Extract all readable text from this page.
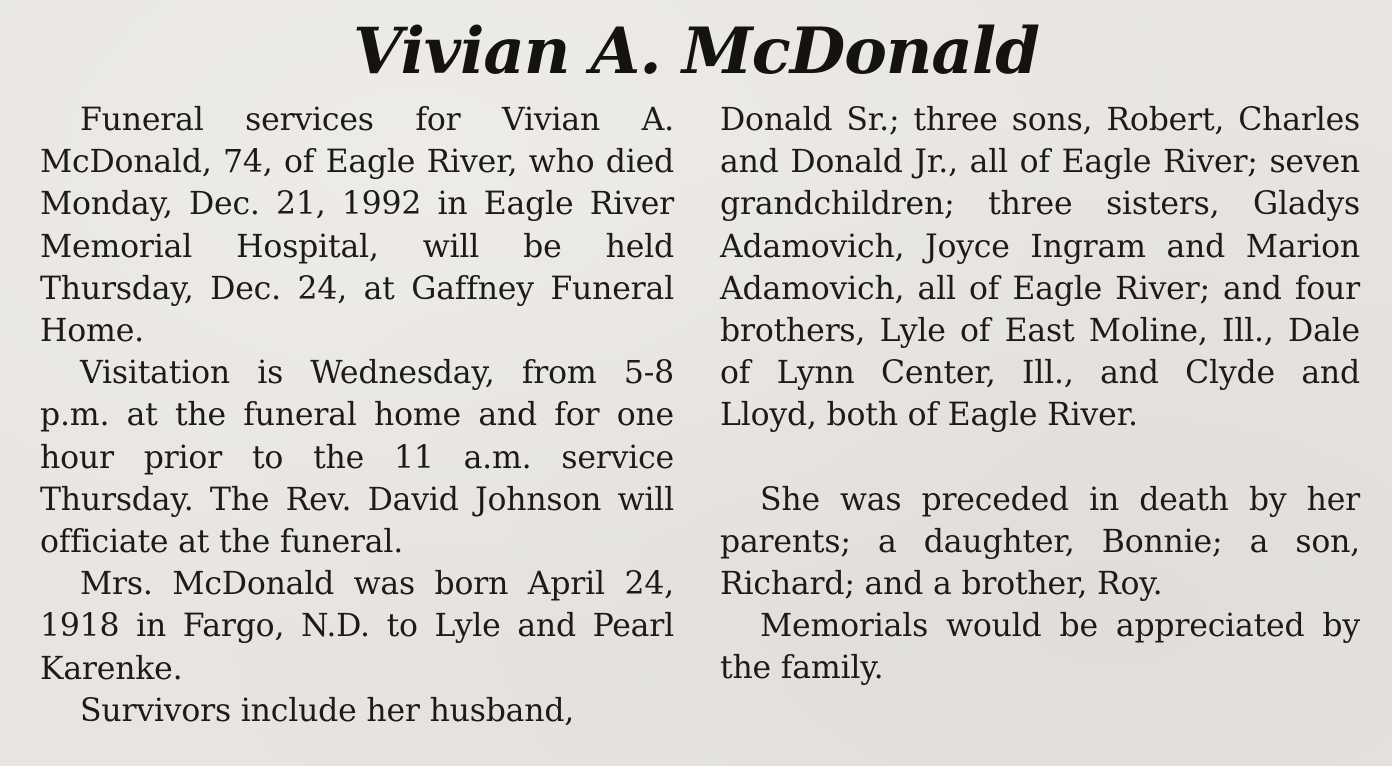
Vivian A. McDonald

Funeral services for Vivian A. McDonald, 74, of Eagle River, who died Monday, Dec. 21, 1992 in Eagle River Memorial Hospital, will be held Thursday, Dec. 24, at Gaffney Funeral Home.

Visitation is Wednesday, from 5-8 p.m. at the funeral home and for one hour prior to the 11 a.m. service Thursday. The Rev. David Johnson will officiate at the funeral.

Mrs. McDonald was born April 24, 1918 in Fargo, N.D. to Lyle and Pearl Karenke.

Survivors include her husband,

Donald Sr.; three sons, Robert, Charles and Donald Jr., all of Eagle River; seven grandchildren; three sisters, Gladys Adamovich, Joyce Ingram and Marion Adamovich, all of Eagle River; and four brothers, Lyle of East Moline, Ill., Dale of Lynn Center, Ill., and Clyde and Lloyd, both of Eagle River.

She was preceded in death by her parents; a daughter, Bonnie; a son, Richard; and a brother, Roy.

Memorials would be appreciated by the family.
